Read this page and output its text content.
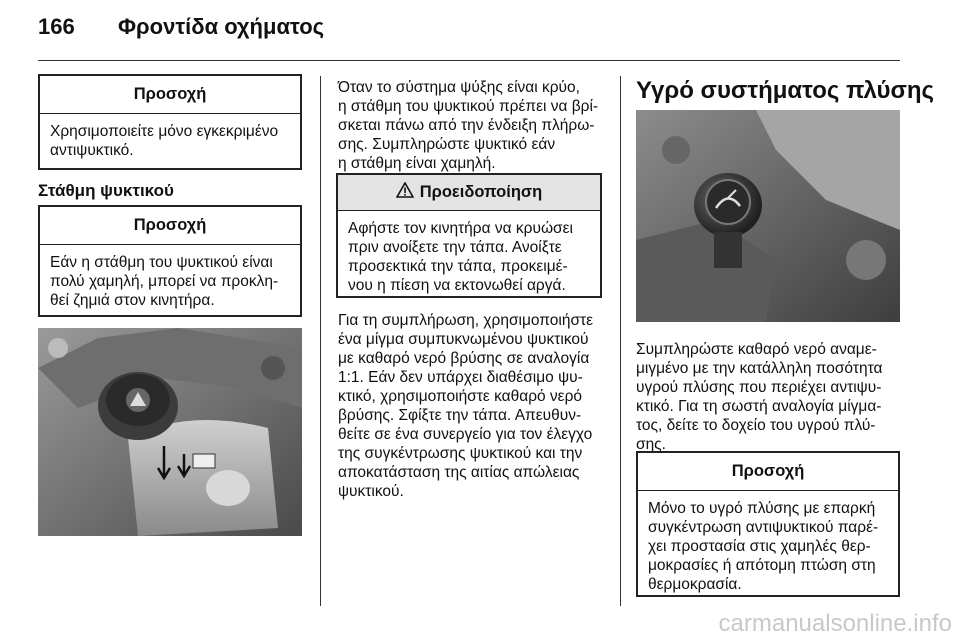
166 Φροντίδα οχήματος
Προσοχή
Χρησιμοποιείτε μόνο εγκεκριμένο αντιψυκτικό.
Στάθμη ψυκτικού
Προσοχή
Εάν η στάθμη του ψυκτικού είναι πολύ χαμηλή, μπορεί να προκλη-θεί ζημιά στον κινητήρα.

Όταν το σύστημα ψύξης είναι κρύο,
η στάθμη του ψυκτικού πρέπει να βρί-
σκεται πάνω από την ένδειξη πλήρω-
σης. Συμπληρώστε ψυκτικό εάν
η στάθμη είναι χαμηλή.

Προειδοποίηση
Αφήστε τον κινητήρα να κρυώσει πριν ανοίξετε την τάπα. Ανοίξτε προσεκτικά την τάπα, προκειμέ-νου η πίεση να εκτονωθεί αργά.

Για τη συμπλήρωση, χρησιμοποιήστε
ένα μίγμα συμπυκνωμένου ψυκτικού
με καθαρό νερό βρύσης σε αναλογία
1:1. Εάν δεν υπάρχει διαθέσιμο ψυ-
κτικό, χρησιμοποιήστε καθαρό νερό
βρύσης. Σφίξτε την τάπα. Απευθυν-
θείτε σε ένα συνεργείο για τον έλεγχο
της συγκέντρωσης ψυκτικού και την
αποκατάσταση της αιτίας απώλειας
ψυκτικού.

Υγρό συστήματος πλύσης

Συμπληρώστε καθαρό νερό αναμε-
μιγμένο με την κατάλληλη ποσότητα
υγρού πλύσης που περιέχει αντιψυ-
κτικό. Για τη σωστή αναλογία μίγμα-
τος, δείτε το δοχείο του υγρού πλύ-
σης.

Προσοχή
Μόνο το υγρό πλύσης με επαρκή συγκέντρωση αντιψυκτικού παρέ-χει προστασία στις χαμηλές θερ-μοκρασίες ή απότομη πτώση στη θερμοκρασία.
carmanualsonline.info
